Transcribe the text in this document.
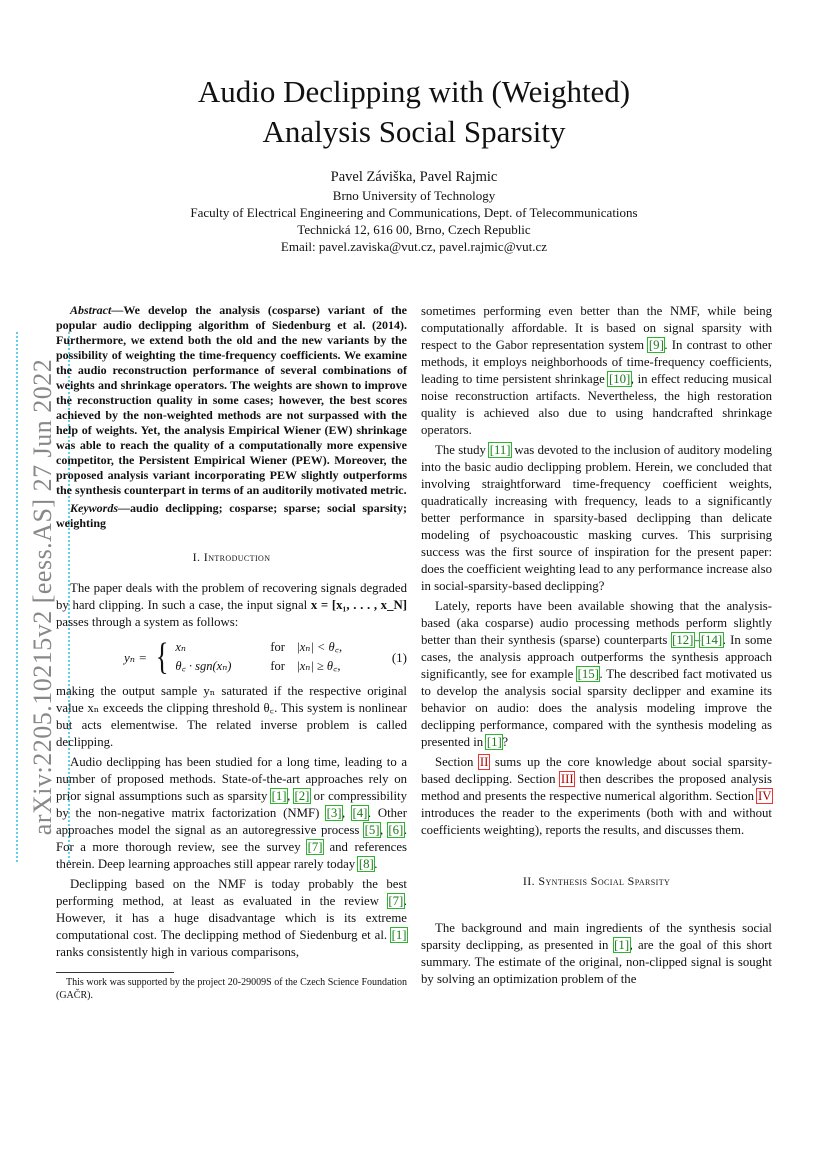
Audio Declipping with (Weighted)
Analysis Social Sparsity
Pavel Záviška, Pavel Rajmic
Brno University of Technology
Faculty of Electrical Engineering and Communications, Dept. of Telecommunications
Technická 12, 616 00, Brno, Czech Republic
Email: pavel.zaviska@vut.cz, pavel.rajmic@vut.cz
arXiv:2205.10215v2 [eess.AS] 27 Jun 2022

Abstract—We develop the analysis (cosparse) variant of the popular audio declipping algorithm of Siedenburg et al. (2014). Furthermore, we extend both the old and the new variants by the possibility of weighting the time-frequency coefficients. We examine the audio reconstruction performance of several combinations of weights and shrinkage operators. The weights are shown to improve the reconstruction quality in some cases; however, the best scores achieved by the non-weighted methods are not surpassed with the help of weights. Yet, the analysis Empirical Wiener (EW) shrinkage was able to reach the quality of a computationally more expensive competitor, the Persistent Empirical Wiener (PEW). Moreover, the proposed analysis variant incorporating PEW slightly outperforms the synthesis counterpart in terms of an auditorily motivated metric.

Keywords—audio declipping; cosparse; sparse; social sparsity; weighting

I. Introduction

The paper deals with the problem of recovering signals degraded by hard clipping. In such a case, the input signal x = [x₁, . . . , x_N] passes through a system as follows:

yₙ = { xₙ	for |xₙ| < θ꜀,
θ꜀ · sgn(xₙ)	for |xₙ| ≥ θ꜀,
(1)

making the output sample yₙ saturated if the respective original value xₙ exceeds the clipping threshold θ꜀. This system is nonlinear but acts elementwise. The related inverse problem is called declipping.

Audio declipping has been studied for a long time, leading to a number of proposed methods. State-of-the-art approaches rely on prior signal assumptions such as sparsity [1], [2] or compressibility by the non-negative matrix factorization (NMF) [3], [4]. Other approaches model the signal as an autoregressive process [5], [6]. For a more thorough review, see the survey [7] and references therein. Deep learning approaches still appear rarely today [8].

Declipping based on the NMF is today probably the best performing method, at least as evaluated in the review [7]. However, it has a huge disadvantage which is its extreme computational cost. The declipping method of Siedenburg et al. [1] ranks consistently high in various comparisons,

This work was supported by the project 20-29009S of the Czech Science Foundation (GAČR).

sometimes performing even better than the NMF, while being computationally affordable. It is based on signal sparsity with respect to the Gabor representation system [9]. In contrast to other methods, it employs neighborhoods of time-frequency coefficients, leading to time persistent shrinkage [10], in effect reducing musical noise reconstruction artifacts. Nevertheless, the high restoration quality is achieved also due to using handcrafted shrinkage operators.

The study [11] was devoted to the inclusion of auditory modeling into the basic audio declipping problem. Herein, we concluded that involving straightforward time-frequency coefficient weights, quadratically increasing with frequency, leads to a significantly better performance in sparsity-based declipping than delicate modeling of psychoacoustic masking curves. This surprising success was the first source of inspiration for the present paper: does the coefficient weighting lead to any performance increase also in social-sparsity-based declipping?

Lately, reports have been available showing that the analysis-based (aka cosparse) audio processing methods perform slightly better than their synthesis (sparse) counterparts [12]–[14]. In some cases, the analysis approach outperforms the synthesis approach significantly, see for example [15]. The described fact motivated us to develop the analysis social sparsity declipper and examine its behavior on audio: does the analysis modeling improve the declipping performance, compared with the synthesis modeling as presented in [1]?

Section II sums up the core knowledge about social sparsity-based declipping. Section III then describes the proposed analysis method and presents the respective numerical algorithm. Section IV introduces the reader to the experiments (both with and without coefficients weighting), reports the results, and discusses them.

II. Synthesis Social Sparsity

The background and main ingredients of the synthesis social sparsity declipping, as presented in [1], are the goal of this short summary. The estimate of the original, non-clipped signal is sought by solving an optimization problem of the
